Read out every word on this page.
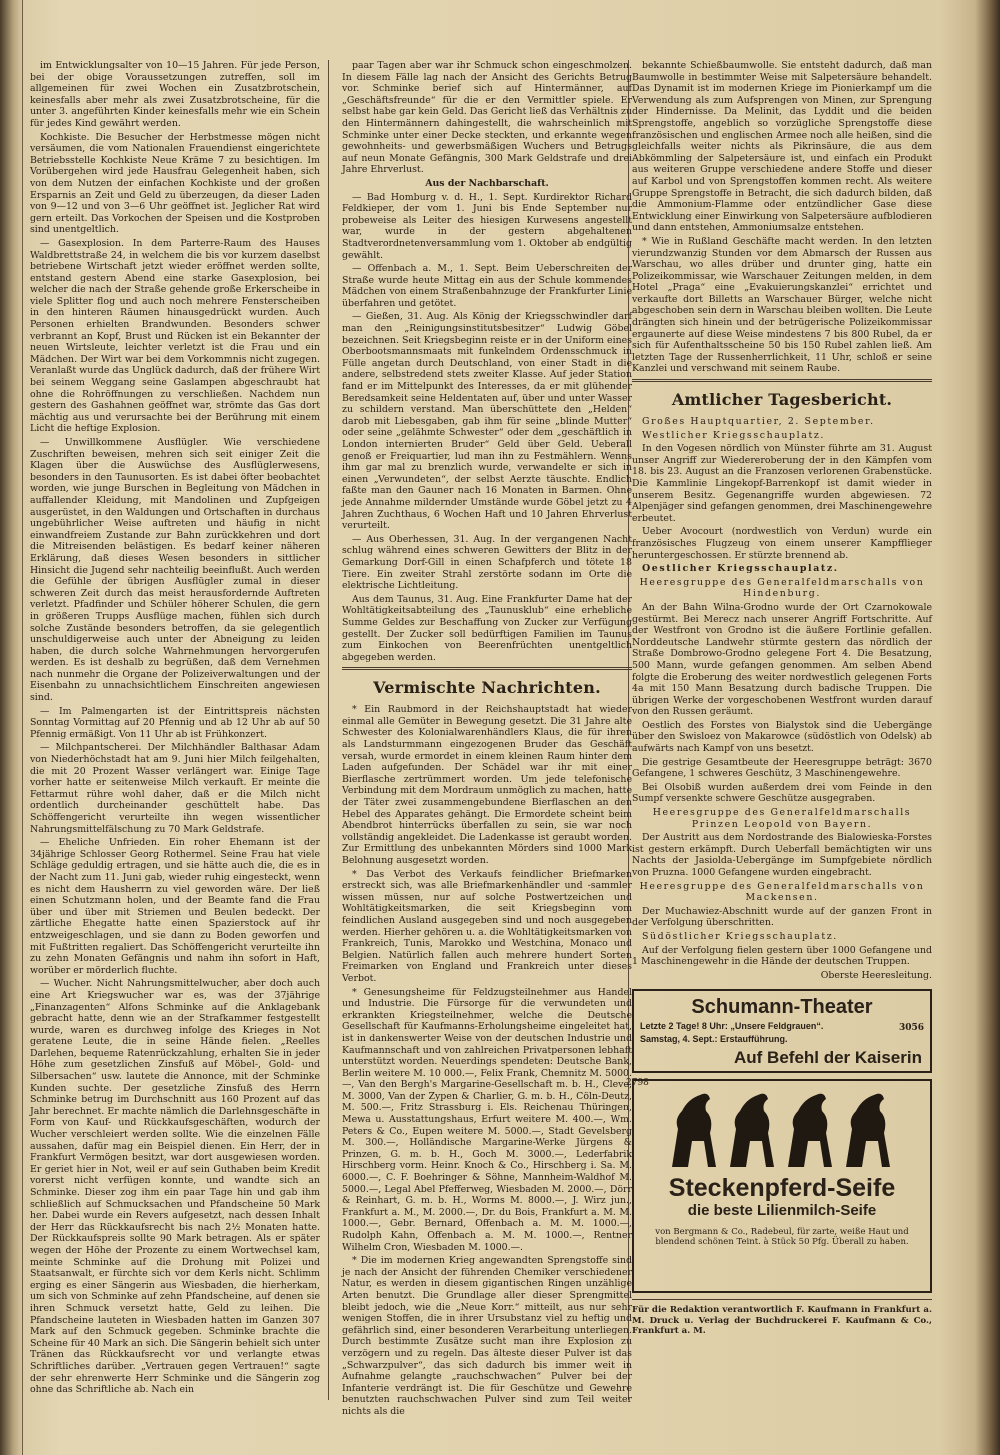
im Entwicklungsalter von 10—15 Jahren. Für jede Person, bei der obige Voraussetzungen zutreffen, soll im allgemeinen für zwei Wochen ein Zusatzbrotschein, keinesfalls aber mehr als zwei Zusatzbrotscheine, für die unter 3. angeführten Kinder keinesfalls mehr wie ein Schein für jedes Kind gewährt werden.

Kochkiste. Die Besucher der Herbstmesse mögen nicht versäumen, die vom Nationalen Frauendienst eingerichtete Betriebsstelle Kochkiste Neue Kräme 7 zu besichtigen. Im Vorübergehen wird jede Hausfrau Gelegenheit haben, sich von dem Nutzen der einfachen Kochkiste und der großen Ersparnis an Zeit und Geld zu überzeugen, da dieser Laden von 9—12 und von 3—6 Uhr geöffnet ist. Jeglicher Rat wird gern erteilt. Das Vorkochen der Speisen und die Kostproben sind unentgeltlich.

— Gasexplosion. In dem Parterre-Raum des Hauses Waldbrettstraße 24, in welchem die bis vor kurzem daselbst betriebene Wirtschaft jetzt wieder eröffnet werden sollte, entstand gestern Abend eine starke Gasexplosion, bei welcher die nach der Straße gehende große Erkerscheibe in viele Splitter flog und auch noch mehrere Fensterscheiben in den hinteren Räumen hinausgedrückt wurden. Auch Personen erhielten Brandwunden. Besonders schwer verbrannt an Kopf, Brust und Rücken ist ein Bekannter der neuen Wirtsleute, leichter verletzt ist die Frau und ein Mädchen. Der Wirt war bei dem Vorkommnis nicht zugegen. Veranlaßt wurde das Unglück dadurch, daß der frühere Wirt bei seinem Weggang seine Gaslampen abgeschraubt hat ohne die Rohröffnungen zu verschließen. Nachdem nun gestern des Gashahnen geöffnet war, strömte das Gas dort mächtig aus und verursachte bei der Berührung mit einem Licht die heftige Explosion.

— Unwillkommene Ausflügler. Wie verschiedene Zuschriften beweisen, mehren sich seit einiger Zeit die Klagen über die Auswüchse des Ausflüglerwesens, besonders in den Taunusorten. Es ist dabei öfter beobachtet worden, wie junge Burschen in Begleitung von Mädchen in auffallender Kleidung, mit Mandolinen und Zupfgeigen ausgerüstet, in den Waldungen und Ortschaften in durchaus ungebührlicher Weise auftreten und häufig in nicht einwandfreiem Zustande zur Bahn zurückkehren und dort die Mitreisenden belästigen. Es bedarf keiner näheren Erklärung, daß dieses Wesen besonders in sittlicher Hinsicht die Jugend sehr nachteilig beeinflußt. Auch werden die Gefühle der übrigen Ausflügler zumal in dieser schweren Zeit durch das meist herausfordernde Auftreten verletzt. Pfadfinder und Schüler höherer Schulen, die gern in größeren Trupps Ausflüge machen, fühlen sich durch solche Zustände besonders betroffen, da sie gelegentlich unschuldigerweise auch unter der Abneigung zu leiden haben, die durch solche Wahrnehmungen hervorgerufen werden. Es ist deshalb zu begrüßen, daß dem Vernehmen nach nunmehr die Organe der Polizeiverwaltungen und der Eisenbahn zu unnachsichtlichem Einschreiten angewiesen sind.

— Im Palmengarten ist der Eintrittspreis nächsten Sonntag Vormittag auf 20 Pfennig und ab 12 Uhr ab auf 50 Pfennig ermäßigt. Von 11 Uhr ab ist Frühkonzert.

— Milchpantscherei. Der Milchhändler Balthasar Adam von Niederhöchstadt hat am 9. Juni hier Milch feilgehalten, die mit 20 Prozent Wasser verlängert war. Einige Tage vorher hatte er seitenweise Milch verkauft. Er meinte die Fettarmut rühre wohl daher, daß er die Milch nicht ordentlich durcheinander geschüttelt habe. Das Schöffengericht verurteilte ihn wegen wissentlicher Nahrungsmittelfälschung zu 70 Mark Geldstrafe.

— Eheliche Unfrieden. Ein roher Ehemann ist der 34jährige Schlosser Georg Rothermel. Seine Frau hat viele Schläge geduldig ertragen, und sie hätte auch die, die es in der Nacht zum 11. Juni gab, wieder ruhig eingesteckt, wenn es nicht dem Hausherrn zu viel geworden wäre. Der ließ einen Schutzmann holen, und der Beamte fand die Frau über und über mit Striemen und Beulen bedeckt. Der zärtliche Ehegatte hatte einen Spazierstock auf ihr entzweigeschlagen, und sie dann zu Boden geworfen und mit Fußtritten regaliert. Das Schöffengericht verurteilte ihn zu zehn Monaten Gefängnis und nahm ihn sofort in Haft, worüber er mörderlich fluchte.

— Wucher. Nicht Nahrungsmittelwucher, aber doch auch eine Art Kriegswucher war es, was der 37jährige „Finanzagenten“ Alfons Schminke auf die Anklagebank gebracht hatte, denn wie an der Strafkammer festgestellt wurde, waren es durchweg infolge des Krieges in Not geratene Leute, die in seine Hände fielen. „Reelles Darlehen, bequeme Ratenrückzahlung, erhalten Sie in jeder Höhe zum gesetzlichen Zinsfuß auf Möbel-, Gold- und Silbersachen“ usw. lautete die Annonce, mit der Schminke Kunden suchte. Der gesetzliche Zinsfuß des Herrn Schminke betrug im Durchschnitt aus 160 Prozent auf das Jahr berechnet. Er machte nämlich die Darlehnsgeschäfte in Form von Kauf- und Rückkaufsgeschäften, wodurch der Wucher verschleiert werden sollte. Wie die einzelnen Fälle aussahen, dafür mag ein Beispiel dienen. Ein Herr, der in Frankfurt Vermögen besitzt, war dort ausgewiesen worden. Er geriet hier in Not, weil er auf sein Guthaben beim Kredit vorerst nicht verfügen konnte, und wandte sich an Schminke. Dieser zog ihm ein paar Tage hin und gab ihm schließlich auf Schmucksachen und Pfandscheine 50 Mark her. Dabei wurde ein Revers aufgesetzt, nach dessen Inhalt der Herr das Rückkaufsrecht bis nach 2½ Monaten hatte. Der Rückkaufspreis sollte 90 Mark betragen. Als er später wegen der Höhe der Prozente zu einem Wortwechsel kam, meinte Schminke auf die Drohung mit Polizei und Staatsanwalt, er fürchte sich vor dem Kerls nicht. Schlimm erging es einer Sängerin aus Wiesbaden, die hierherkam, um sich von Schminke auf zehn Pfandscheine, auf denen sie ihren Schmuck versetzt hatte, Geld zu leihen. Die Pfandscheine lauteten in Wiesbaden hatten im Ganzen 307 Mark auf den Schmuck gegeben. Schminke brachte die Scheine für 40 Mark an sich. Die Sängerin behielt sich unter Tränen das Rückkaufsrecht vor und verlangte etwas Schriftliches darüber. „Vertrauen gegen Vertrauen!“ sagte der sehr ehrenwerte Herr Schminke und die Sängerin zog ohne das Schriftliche ab. Nach ein

paar Tagen aber war ihr Schmuck schon eingeschmolzen. In diesem Fälle lag nach der Ansicht des Gerichts Betrug vor. Schminke berief sich auf Hintermänner, auf „Geschäftsfreunde“ für die er den Vermittler spiele. Er selbst habe gar kein Geld. Das Gericht ließ das Verhältnis zu den Hintermännern dahingestellt, die wahrscheinlich mit Schminke unter einer Decke steckten, und erkannte wegen gewohnheits- und gewerbsmäßigen Wuchers und Betrugs auf neun Monate Gefängnis, 300 Mark Geldstrafe und drei Jahre Ehrverlust.

Aus der Nachbarschaft.

— Bad Homburg v. d. H., 1. Sept. Kurdirektor Richard Feldkieper, der vom 1. Juni bis Ende September nur probeweise als Leiter des hiesigen Kurwesens angestellt war, wurde in der gestern abgehaltenen Stadtverordnetenversammlung vom 1. Oktober ab endgültig gewählt.

— Offenbach a. M., 1. Sept. Beim Ueberschreiten der Straße wurde heute Mittag ein aus der Schule kommendes Mädchen von einem Straßenbahnzuge der Frankfurter Linie überfahren und getötet.

— Gießen, 31. Aug. Als König der Kriegsschwindler darf man den „Reinigungsinstitutsbesitzer“ Ludwig Göbel bezeichnen. Seit Kriegsbeginn reiste er in der Uniform eines Oberbootsmannsmaats mit funkelndem Ordensschmuck in Fülle angetan durch Deutschland, von einer Stadt in die andere, selbstredend stets zweiter Klasse. Auf jeder Station fand er im Mittelpunkt des Interesses, da er mit glühender Beredsamkeit seine Heldentaten auf, über und unter Wasser zu schildern verstand. Man überschüttete den „Helden“ darob mit Liebesgaben, gab ihm für seine „blinde Mutter“ oder seine „gelähmte Schwester“ oder dem „geschäftlich in London internierten Bruder“ Geld über Geld. Ueberall genoß er Freiquartier, lud man ihn zu Festmählern. Wenns ihm gar mal zu brenzlich wurde, verwandelte er sich in einen „Verwundeten“, der selbst Aerzte täuschte. Endlich faßte man den Gauner nach 16 Monaten in Barmen. Ohne jede Annahme mildernder Umstände wurde Göbel jetzt zu 4 Jahren Zuchthaus, 6 Wochen Haft und 10 Jahren Ehrverlust verurteilt.

— Aus Oberhessen, 31. Aug. In der vergangenen Nacht schlug während eines schweren Gewitters der Blitz in der Gemarkung Dorf-Gill in einen Schafpferch und tötete 18 Tiere. Ein zweiter Strahl zerstörte sodann im Orte die elektrische Lichtleitung.

Aus dem Taunus, 31. Aug. Eine Frankfurter Dame hat der Wohltätigkeitsabteilung des „Taunusklub“ eine erhebliche Summe Geldes zur Beschaffung von Zucker zur Verfügung gestellt. Der Zucker soll bedürftigen Familien im Taunus zum Einkochen von Beerenfrüchten unentgeltlich abgegeben werden.

Vermischte Nachrichten.

* Ein Raubmord in der Reichshauptstadt hat wieder einmal alle Gemüter in Bewegung gesetzt. Die 31 Jahre alte Schwester des Kolonialwarenhändlers Klaus, die für ihren als Landsturmmann eingezogenen Bruder das Geschäft versah, wurde ermordet in einem kleinen Raum hinter dem Laden aufgefunden. Der Schädel war ihr mit einer Bierflasche zertrümmert worden. Um jede telefonische Verbindung mit dem Mordraum unmöglich zu machen, hatte der Täter zwei zusammengebundene Bierflaschen an den Hebel des Apparates gehängt. Die Ermordete scheint beim Abendbrot hinterrücks überfallen zu sein, sie war noch vollständig angekleidet. Die Ladenkasse ist geraubt worden. Zur Ermittlung des unbekannten Mörders sind 1000 Mark Belohnung ausgesetzt worden.

* Das Verbot des Verkaufs feindlicher Briefmarken erstreckt sich, was alle Briefmarkenhändler und -sammler wissen müssen, nur auf solche Postwertzeichen und Wohltätigkeitsmarken, die seit Kriegsbeginn vom feindlichen Ausland ausgegeben sind und noch ausgegeben werden. Hierher gehören u. a. die Wohltätigkeitsmarken von Frankreich, Tunis, Marokko und Westchina, Monaco und Belgien. Natürlich fallen auch mehrere hundert Sorten Freimarken von England und Frankreich unter dieses Verbot.

* Genesungsheime für Feldzugsteilnehmer aus Handel und Industrie. Die Fürsorge für die verwundeten und erkrankten Kriegsteilnehmer, welche die Deutsche Gesellschaft für Kaufmanns-Erholungsheime eingeleitet hat, ist in dankenswerter Weise von der deutschen Industrie und Kaufmannschaft und von zahlreichen Privatpersonen lebhaft unterstützt worden. Neuerdings spendeten: Deutsche Bank, Berlin weitere M. 10 000.—, Felix Frank, Chemnitz M. 5000.—, Van den Bergh's Margarine-Gesellschaft m. b. H., Cleve, M. 3000, Van der Zypen & Charlier, G. m. b. H., Cöln-Deutz, M. 500.—, Fritz Strassburg i. Els. Reichenau Thüringen, Mewa u. Ausstattungshaus, Erfurt weitere M. 400.—, Wm. Peters & Co., Eupen weitere M. 5000.—, Stadt Gevelsberg M. 300.—, Holländische Margarine-Werke Jürgens & Prinzen, G. m. b. H., Goch M. 3000.—, Lederfabrik Hirschberg vorm. Heinr. Knoch & Co., Hirschberg i. Sa. M. 6000.—, C. F. Boehringer & Söhne, Mannheim-Waldhof M. 5000.—, Legal Abel Pfefferweg, Wiesbaden M. 2000.—, Dörr & Reinhart, G. m. b. H., Worms M. 8000.—, J. Wirz jun., Frankfurt a. M., M. 2000.—, Dr. du Bois, Frankfurt a. M. M. 1000.—, Gebr. Bernard, Offenbach a. M. M. 1000.—, Rudolph Kahn, Offenbach a. M. M. 1000.—, Rentner Wilhelm Cron, Wiesbaden M. 1000.—.

* Die im modernen Krieg angewandten Sprengstoffe sind je nach der Ansicht der führenden Chemiker verschiedener Natur, es werden in diesem gigantischen Ringen unzählige Arten benutzt. Die Grundlage aller dieser Sprengmittel bleibt jedoch, wie die „Neue Korr.“ mitteilt, aus nur sehr wenigen Stoffen, die in ihrer Ursubstanz viel zu heftig und gefährlich sind, einer besonderen Verarbeitung unterliegen. Durch bestimmte Zusätze sucht man ihre Explosion zu verzögern und zu regeln. Das älteste dieser Pulver ist das „Schwarzpulver“, das sich dadurch bis immer weit in Aufnahme gelangte „rauchschwachen“ Pulver bei der Infanterie verdrängt ist. Die für Geschütze und Gewehre benutzten rauchschwachen Pulver sind zum Teil weiter nichts als die

bekannte Schießbaumwolle. Sie entsteht dadurch, daß man Baumwolle in bestimmter Weise mit Salpetersäure behandelt. Das Dynamit ist im modernen Kriege im Pionierkampf um die Verwendung als zum Aufsprengen von Minen, zur Sprengung der Hindernisse. Da Melinit, das Lyddit und die beiden Sprengstoffe, angeblich so vorzügliche Sprengstoffe diese französischen und englischen Armee noch alle heißen, sind die gleichfalls weiter nichts als Pikrinsäure, die aus dem Abkömmling der Salpetersäure ist, und einfach ein Produkt aus weiteren Gruppe verschiedene andere Stoffe und dieser auf Karbol und von Sprengstoffen kommen recht. Als weitere Gruppe Sprengstoffe in Betracht, die sich dadurch bilden, daß die Ammonium-Flamme oder entzündlicher Gase diese Entwicklung einer Einwirkung von Salpetersäure aufblodieren und dann entstehen, Ammoniumsalze entstehen.

* Wie in Rußland Geschäfte macht werden. In den letzten vierundzwanzig Stunden vor dem Abmarsch der Russen aus Warschau, wo alles drüber und drunter ging, hatte ein Polizeikommissar, wie Warschauer Zeitungen melden, in dem Hotel „Praga“ eine „Evakuierungskanzlei“ errichtet und verkaufte dort Billetts an Warschauer Bürger, welche nicht abgeschoben sein dern in Warschau bleiben wollten. Die Leute drängten sich hinein und der betrügerische Polizeikommissar ergaunerte auf diese Weise mindestens 7 bis 800 Rubel, da er sich für Aufenthaltsscheine 50 bis 150 Rubel zahlen ließ. Am letzten Tage der Russenherrlichkeit, 11 Uhr, schloß er seine Kanzlei und verschwand mit seinem Raube.

Amtlicher Tagesbericht.

Großes Hauptquartier, 2. September.

Westlicher Kriegsschauplatz.

In den Vogesen nördlich von Münster führte am 31. August unser Angriff zur Wiedereroberung der in den Kämpfen vom 18. bis 23. August an die Franzosen verlorenen Grabenstücke. Die Kammlinie Lingekopf-Barrenkopf ist damit wieder in unserem Besitz. Gegenangriffe wurden abgewiesen. 72 Alpenjäger sind gefangen genommen, drei Maschinengewehre erbeutet.

Ueber Avocourt (nordwestlich von Verdun) wurde ein französisches Flugzeug von einem unserer Kampfflieger heruntergeschossen. Er stürzte brennend ab.

Oestlicher Kriegsschauplatz.

Heeresgruppe des Generalfeldmarschalls von Hindenburg.

An der Bahn Wilna-Grodno wurde der Ort Czarnokowale gestürmt. Bei Merecz nach unserer Angriff Fortschritte. Auf der Westfront von Grodno ist die äußere Fortlinie gefallen. Norddeutsche Landwehr stürmte gestern das nördlich der Straße Dombrowo-Grodno gelegene Fort 4. Die Besatzung, 500 Mann, wurde gefangen genommen. Am selben Abend folgte die Eroberung des weiter nordwestlich gelegenen Forts 4a mit 150 Mann Besatzung durch badische Truppen. Die übrigen Werke der vorgeschobenen Westfront wurden darauf von den Russen geräumt.

Oestlich des Forstes von Bialystok sind die Uebergänge über den Swisloez von Makarowce (südöstlich von Odelsk) ab aufwärts nach Kampf von uns besetzt.

Die gestrige Gesamtbeute der Heeresgruppe beträgt: 3670 Gefangene, 1 schweres Geschütz, 3 Maschinengewehre.

Bei Olsobiß wurden außerdem drei vom Feinde in den Sumpf versenkte schwere Geschütze ausgegraben.

Heeresgruppe des Generalfeldmarschalls Prinzen Leopold von Bayern.

Der Austritt aus dem Nordostrande des Bialowieska-Forstes ist gestern erkämpft. Durch Ueberfall bemächtigten wir uns Nachts der Jasiolda-Uebergänge im Sumpfgebiete nördlich von Pruzna. 1000 Gefangene wurden eingebracht.

Heeresgruppe des Generalfeldmarschalls von Mackensen.

Der Muchawiez-Abschnitt wurde auf der ganzen Front in der Verfolgung überschritten.

Südöstlicher Kriegsschauplatz.

Auf der Verfolgung fielen gestern über 1000 Gefangene und 1 Maschinengewehr in die Hände der deutschen Truppen.

Oberste Heeresleitung.

Schumann-Theater
Letzte 2 Tage! 8 Uhr: „Unsere Feldgrauen“.	3056
Samstag, 4. Sept.: Erstaufführung.
Auf Befehl der Kaiserin
Steckenpferd-Seife
die beste Lilienmilch-Seife
von Bergmann & Co., Radebeul, für zarte, weiße Haut und blendend schönen Teint. à Stück 50 Pfg. Überall zu haben.

Für die Redaktion verantwortlich F. Kaufmann in Frankfurt a. M. Druck u. Verlag der Buchdruckerei F. Kaufmann & Co., Frankfurt a. M.

2798
